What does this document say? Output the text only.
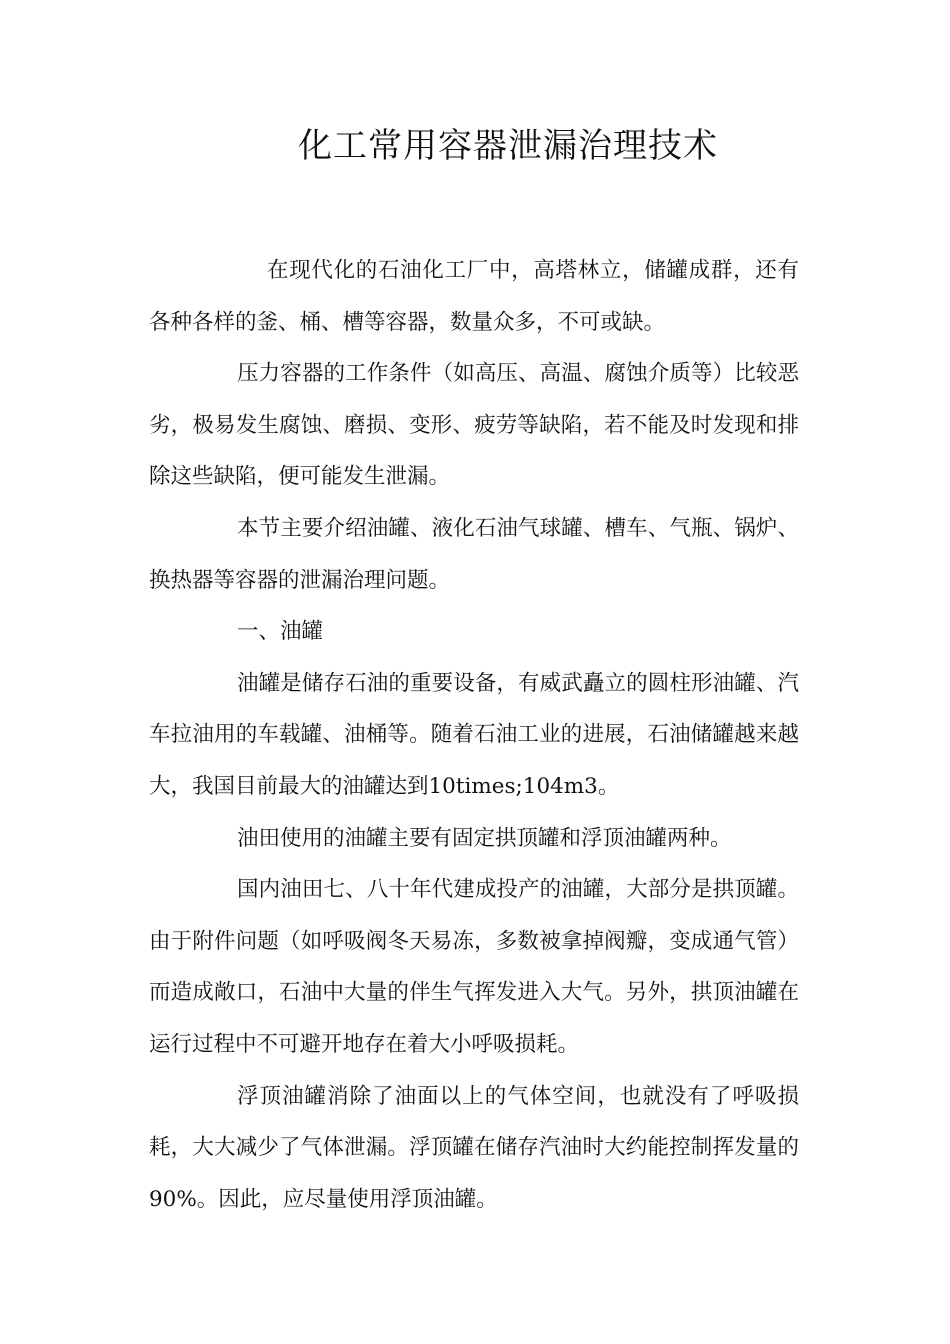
化工常用容器泄漏治理技术

在现代化的石油化工厂中，高塔林立，储罐成群，还有各种各样的釜、桶、槽等容器，数量众多，不可或缺。

压力容器的工作条件（如高压、高温、腐蚀介质等）比较恶劣，极易发生腐蚀、磨损、变形、疲劳等缺陷，若不能及时发现和排除这些缺陷，便可能发生泄漏。

本节主要介绍油罐、液化石油气球罐、槽车、气瓶、锅炉、换热器等容器的泄漏治理问题。

一、油罐

油罐是储存石油的重要设备，有威武矗立的圆柱形油罐、汽车拉油用的车载罐、油桶等。随着石油工业的进展，石油储罐越来越大，我国目前最大的油罐达到10times;104m3。

油田使用的油罐主要有固定拱顶罐和浮顶油罐两种。

国内油田七、八十年代建成投产的油罐，大部分是拱顶罐。由于附件问题（如呼吸阀冬天易冻，多数被拿掉阀瓣，变成通气管）而造成敞口，石油中大量的伴生气挥发进入大气。另外，拱顶油罐在运行过程中不可避开地存在着大小呼吸损耗。

浮顶油罐消除了油面以上的气体空间，也就没有了呼吸损耗，大大减少了气体泄漏。浮顶罐在储存汽油时大约能控制挥发量的90%。因此，应尽量使用浮顶油罐。
